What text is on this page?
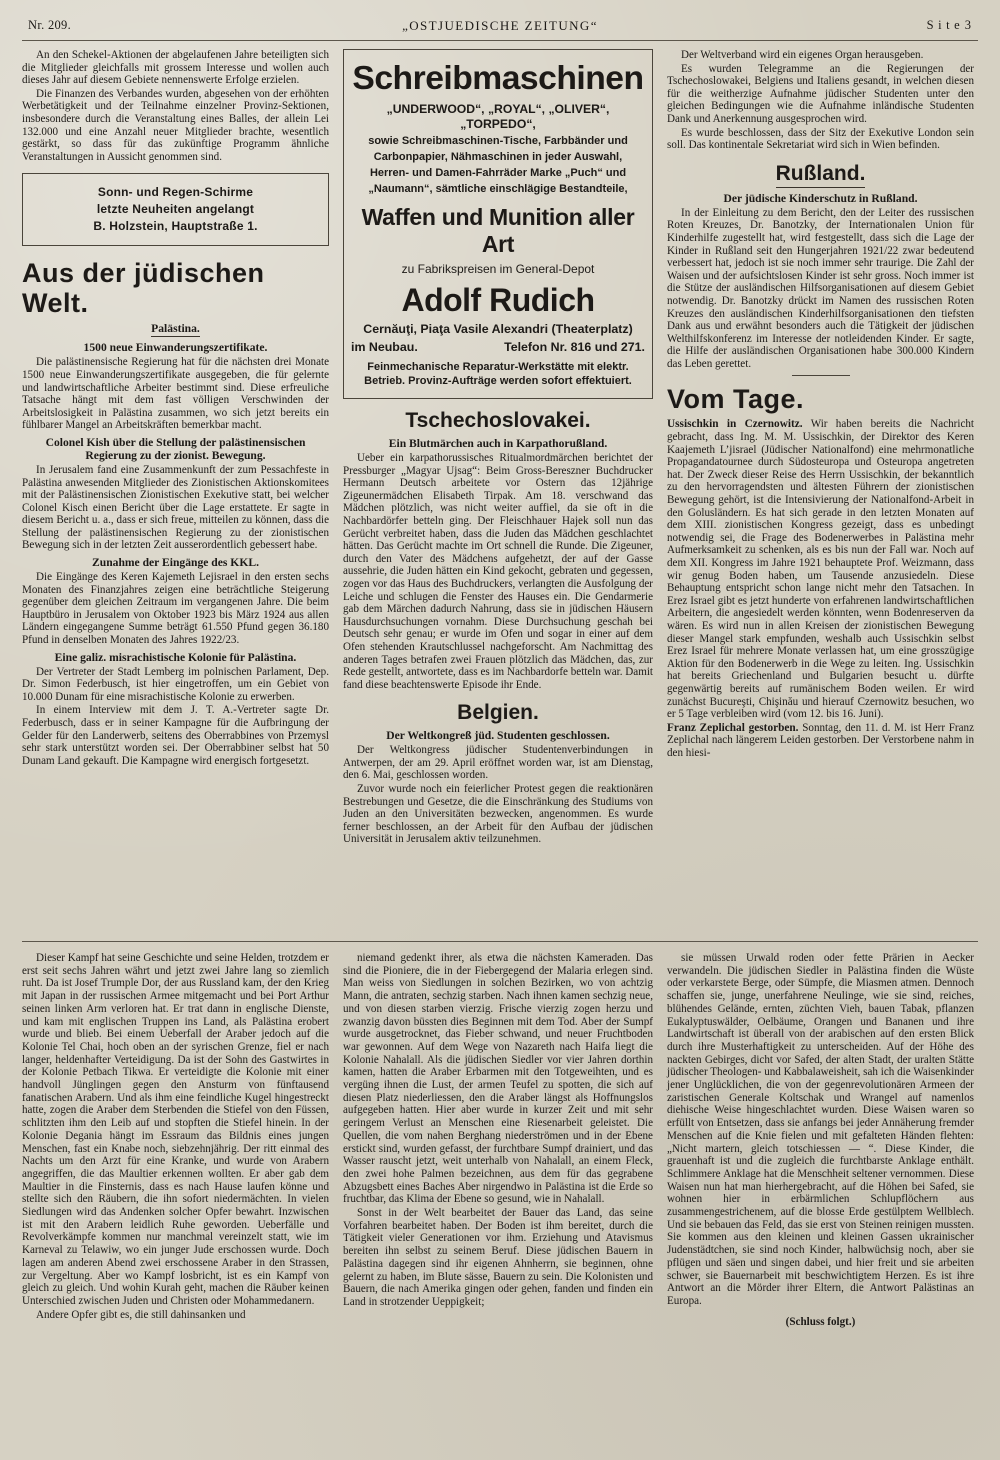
Nr. 209.	„OSTJUEDISCHE ZEITUNG“	S i t e 3

An den Schekel-Aktionen der abgelaufenen Jahre beteiligten sich die Mitglieder gleichfalls mit grossem Interesse und wollen auch dieses Jahr auf diesem Gebiete nennenswerte Erfolge erzielen.

Die Finanzen des Verbandes wurden, abgesehen von der erhöhten Werbetätigkeit und der Teilnahme einzelner Provinz-Sektionen, insbesondere durch die Veranstaltung eines Balles, der allein Lei 132.000 und eine Anzahl neuer Mitglieder brachte, wesentlich gestärkt, so dass für das zukünftige Programm ähnliche Veranstaltungen in Aussicht genommen sind.

Sonn- und Regen-Schirme
letzte Neuheiten angelangt
B. Holzstein, Hauptstraße 1.
Aus der jüdischen Welt.
Palästina.
1500 neue Einwanderungszertifikate.

Die palästinensische Regierung hat für die nächsten drei Monate 1500 neue Einwanderungszertifikate ausgegeben, die für gelernte und landwirtschaftliche Arbeiter bestimmt sind. Diese erfreuliche Tatsache hängt mit dem fast völligen Verschwinden der Arbeitslosigkeit in Palästina zusammen, wo sich jetzt bereits ein fühlbarer Mangel an Arbeitskräften bemerkbar macht.

Colonel Kish über die Stellung der palästinensischen Regierung zu der zionist. Bewegung.

In Jerusalem fand eine Zusammenkunft der zum Pessachfeste in Palästina anwesenden Mitglieder des Zionistischen Aktionskomitees mit der Palästinensischen Zionistischen Exekutive statt, bei welcher Colonel Kisch einen Bericht über die Lage erstattete. Er sagte in diesem Bericht u. a., dass er sich freue, mitteilen zu können, dass die Stellung der palästinensischen Regierung zu der zionistischen Bewegung sich in der letzten Zeit ausserordentlich gebessert habe.

Zunahme der Eingänge des KKL.

Die Eingänge des Keren Kajemeth Lejisrael in den ersten sechs Monaten des Finanzjahres zeigen eine beträchtliche Steigerung gegenüber dem gleichen Zeitraum im vergangenen Jahre. Die beim Hauptbüro in Jerusalem von Oktober 1923 bis März 1924 aus allen Ländern eingegangene Summe beträgt 61.550 Pfund gegen 36.180 Pfund in denselben Monaten des Jahres 1922/23.

Eine galiz. misrachistische Kolonie für Palästina.

Der Vertreter der Stadt Lemberg im polnischen Parlament, Dep. Dr. Simon Federbusch, ist hier eingetroffen, um ein Gebiet von 10.000 Dunam für eine misrachistische Kolonie zu erwerben.

In einem Interview mit dem J. T. A.-Vertreter sagte Dr. Federbusch, dass er in seiner Kampagne für die Aufbringung der Gelder für den Landerwerb, seitens des Oberrabbines von Przemysl sehr stark unterstützt worden sei. Der Oberrabbiner selbst hat 50 Dunam Land gekauft. Die Kampagne wird energisch fortgesetzt.

Schreibmaschinen
„UNDERWOOD“, „ROYAL“, „OLIVER“, „TORPEDO“,
sowie Schreibmaschinen-Tische, Farbbänder und
Carbonpapier, Nähmaschinen in jeder Auswahl,
Herren- und Damen-Fahrräder Marke „Puch“ und
„Naumann“, sämtliche einschlägige Bestandteile,
Waffen und Munition aller Art
zu Fabrikspreisen im General-Depot
Adolf Rudich
Cernăuţi, Piaţa Vasile Alexandri (Theaterplatz)
im Neubau.	Telefon Nr. 816 und 271.
Feinmechanische Reparatur-Werkstätte mit elektr.
Betrieb. Provinz-Aufträge werden sofort effektuiert.
Tschechoslovakei.
Ein Blutmärchen auch in Karpathorußland.

Ueber ein karpathorussisches Ritualmordmärchen berichtet der Pressburger „Magyar Ujsag“: Beim Gross-Bereszner Buchdrucker Hermann Deutsch arbeitete vor Ostern das 12jährige Zigeunermädchen Elisabeth Tirpak. Am 18. verschwand das Mädchen plötzlich, was nicht weiter auffiel, da sie oft in die Nachbardörfer betteln ging. Der Fleischhauer Hajek soll nun das Gerücht verbreitet haben, dass die Juden das Mädchen geschlachtet hätten. Das Gerücht machte im Ort schnell die Runde. Die Zigeuner, durch den Vater des Mädchens aufgehetzt, der auf der Gasse aussehrie, die Juden hätten ein Kind gekocht, gebraten und gegessen, zogen vor das Haus des Buchdruckers, verlangten die Ausfolgung der Leiche und schlugen die Fenster des Hauses ein. Die Gendarmerie gab dem Märchen dadurch Nahrung, dass sie in jüdischen Häusern Hausdurchsuchungen vornahm. Diese Durchsuchung geschah bei Deutsch sehr genau; er wurde im Ofen und sogar in einer auf dem Ofen stehenden Krautschlussel nachgeforscht. Am Nachmittag des anderen Tages betrafen zwei Frauen plötzlich das Mädchen, das, zur Rede gestellt, antwortete, dass es im Nachbardorfe betteln war. Damit fand diese beachtenswerte Episode ihr Ende.

Belgien.
Der Weltkongreß jüd. Studenten geschlossen.

Der Weltkongress jüdischer Studentenverbindungen in Antwerpen, der am 29. April eröffnet worden war, ist am Dienstag, den 6. Mai, geschlossen worden.

Zuvor wurde noch ein feierlicher Protest gegen die reaktionären Bestrebungen und Gesetze, die die Einschränkung des Studiums von Juden an den Universitäten bezwecken, angenommen. Es wurde ferner beschlossen, an der Arbeit für den Aufbau der jüdischen Universität in Jerusalem aktiv teilzunehmen.

Der Weltverband wird ein eigenes Organ herausgeben.

Es wurden Telegramme an die Regierungen der Tschechoslowakei, Belgiens und Italiens gesandt, in welchen diesen für die weitherzige Aufnahme jüdischer Studenten unter den gleichen Bedingungen wie die Aufnahme inländische Studenten Dank und Anerkennung ausgesprochen wird.

Es wurde beschlossen, dass der Sitz der Exekutive London sein soll. Das kontinentale Sekretariat wird sich in Wien befinden.

Rußland.
Der jüdische Kinderschutz in Rußland.

In der Einleitung zu dem Bericht, den der Leiter des russischen Roten Kreuzes, Dr. Banotzky, der Internationalen Union für Kinderhilfe zugestellt hat, wird festgestellt, dass sich die Lage der Kinder in Rußland seit den Hungerjahren 1921/22 zwar bedeutend verbessert hat, jedoch ist sie noch immer sehr traurige. Die Zahl der Waisen und der aufsichtslosen Kinder ist sehr gross. Noch immer ist die Stütze der ausländischen Hilfsorganisationen auf diesem Gebiet notwendig. Dr. Banotzky drückt im Namen des russischen Roten Kreuzes den ausländischen Kinderhilfsorganisationen den tiefsten Dank aus und erwähnt besonders auch die Tätigkeit der jüdischen Welthilfskonferenz im Interesse der notleidenden Kinder. Er sagte, die Hilfe der ausländischen Organisationen habe 300.000 Kindern das Leben gerettet.

Vom Tage.

Ussischkin in Czernowitz. Wir haben bereits die Nachricht gebracht, dass Ing. M. M. Ussischkin, der Direktor des Keren Kaajemeth L’jisrael (Jüdischer Nationalfond) eine mehrmonatliche Propagandatournee durch Südosteuropa und Osteuropa angetreten hat. Der Zweck dieser Reise des Herrn Ussischkin, der bekanntlich zu den hervorragendsten und ältesten Führern der zionistischen Bewegung gehört, ist die Intensivierung der Nationalfond-Arbeit in den Golusländern. Es hat sich gerade in den letzten Monaten auf dem XIII. zionistischen Kongress gezeigt, dass es unbedingt notwendig sei, die Frage des Bodenerwerbes in Palästina mehr Aufmerksamkeit zu schenken, als es bis nun der Fall war. Noch auf dem XII. Kongress im Jahre 1921 behauptete Prof. Weizmann, dass wir genug Boden haben, um Tausende anzusiedeln. Diese Behauptung entspricht schon lange nicht mehr den Tatsachen. In Erez Israel gibt es jetzt hunderte von erfahrenen landwirtschaftlichen Arbeitern, die angesiedelt werden könnten, wenn Bodenreserven da wären. Es wird nun in allen Kreisen der zionistischen Bewegung dieser Mangel stark empfunden, weshalb auch Ussischkin selbst Erez Israel für mehrere Monate verlassen hat, um eine grosszügige Aktion für den Bodenerwerb in die Wege zu leiten. Ing. Ussischkin hat bereits Griechenland und Bulgarien besucht u. dürfte gegenwärtig bereits auf rumänischem Boden weilen. Er wird zunächst Bucureşti, Chişinău und hierauf Czernowitz besuchen, wo er 5 Tage verbleiben wird (vom 12. bis 16. Juni).

Franz Zeplichal gestorben. Sonntag, den 11. d. M. ist Herr Franz Zeplichal nach längerem Leiden gestorben. Der Verstorbene nahm in den hiesi-

Dieser Kampf hat seine Geschichte und seine Helden, trotzdem er erst seit sechs Jahren währt und jetzt zwei Jahre lang so ziemlich ruht. Da ist Josef Trumple Dor, der aus Russland kam, der den Krieg mit Japan in der russischen Armee mitgemacht und bei Port Arthur seinen linken Arm verloren hat. Er trat dann in englische Dienste, und kam mit englischen Truppen ins Land, als Palästina erobert wurde und blieb. Bei einem Ueberfall der Araber jedoch auf die Kolonie Tel Chai, hoch oben an der syrischen Grenze, fiel er nach langer, heldenhafter Verteidigung. Da ist der Sohn des Gastwirtes in der Kolonie Petbach Tikwa. Er verteidigte die Kolonie mit einer handvoll Jünglingen gegen den Ansturm von fünftausend fanatischen Arabern. Und als ihm eine feindliche Kugel hingestreckt hatte, zogen die Araber dem Sterbenden die Stiefel von den Füssen, schlitzten ihm den Leib auf und stopften die Stiefel hinein. In der Kolonie Degania hängt im Essraum das Bildnis eines jungen Menschen, fast ein Knabe noch, siebzehnjährig. Der ritt einmal des Nachts um den Arzt für eine Kranke, und wurde von Arabern angegriffen, die das Maultier erkennen wollten. Er aber gab dem Maultier in die Finsternis, dass es nach Hause laufen könne und stellte sich den Räubern, die ihn sofort niedermächten. In vielen Siedlungen wird das Andenken solcher Opfer bewahrt. Inzwischen ist mit den Arabern leidlich Ruhe geworden. Ueberfälle und Revolverkämpfe kommen nur manchmal vereinzelt statt, wie im Karneval zu Telawiw, wo ein junger Jude erschossen wurde. Doch lagen am anderen Abend zwei erschossene Araber in den Strassen, zur Vergeltung. Aber wo Kampf losbricht, ist es ein Kampf von gleich zu gleich. Und wohin Kurah geht, machen die Räuber keinen Unterschied zwischen Juden und Christen oder Mohammedanern.

Andere Opfer gibt es, die still dahinsanken und

niemand gedenkt ihrer, als etwa die nächsten Kameraden. Das sind die Pioniere, die in der Fiebergegend der Malaria erlegen sind. Man weiss von Siedlungen in solchen Bezirken, wo von achtzig Mann, die antraten, sechzig starben. Nach ihnen kamen sechzig neue, und von diesen starben vierzig. Frische vierzig zogen herzu und zwanzig davon büssten dies Beginnen mit dem Tod. Aber der Sumpf wurde ausgetrocknet, das Fieber schwand, und neuer Fruchtboden war gewonnen. Auf dem Wege von Nazareth nach Haifa liegt die Kolonie Nahalall. Als die jüdischen Siedler vor vier Jahren dorthin kamen, hatten die Araber Erbarmen mit den Totgeweihten, und es vergüng ihnen die Lust, der armen Teufel zu spotten, die sich auf diesen Platz niederliessen, den die Araber längst als Hoffnungslos aufgegeben hatten. Hier aber wurde in kurzer Zeit und mit sehr geringem Verlust an Menschen eine Riesenarbeit geleistet. Die Quellen, die vom nahen Berghang niederströmen und in der Ebene erstickt sind, wurden gefasst, der furchtbare Sumpf drainiert, und das Wasser rauscht jetzt, weit unterhalb von Nahalall, an einem Fleck, den zwei hohe Palmen bezeichnen, aus dem für das gegrabene Abzugsbett eines Baches Aber nirgendwo in Palästina ist die Erde so fruchtbar, das Klima der Ebene so gesund, wie in Nahalall.

Sonst in der Welt bearbeitet der Bauer das Land, das seine Vorfahren bearbeitet haben. Der Boden ist ihm bereitet, durch die Tätigkeit vieler Generationen vor ihm. Erziehung und Atavismus bereiten ihn selbst zu seinem Beruf. Diese jüdischen Bauern in Palästina dagegen sind ihr eigenen Ahnherrn, sie beginnen, ohne gelernt zu haben, im Blute sässe, Bauern zu sein. Die Kolonisten und Bauern, die nach Amerika gingen oder gehen, fanden und finden ein Land in strotzender Ueppigkeit;

sie müssen Urwald roden oder fette Prärien in Aecker verwandeln. Die jüdischen Siedler in Palästina finden die Wüste oder verkarstete Berge, oder Sümpfe, die Miasmen atmen. Dennoch schaffen sie, junge, unerfahrene Neulinge, wie sie sind, reiches, blühendes Gelände, ernten, züchten Vieh, bauen Tabak, pflanzen Eukalyptuswälder, Oelbäume, Orangen und Bananen und ihre Landwirtschaft ist überall von der arabischen auf den ersten Blick durch ihre Musterhaftigkeit zu unterscheiden. Auf der Höhe des nackten Gebirges, dicht vor Safed, der alten Stadt, der uralten Stätte jüdischer Theologen- und Kabbalaweisheit, sah ich die Waisenkinder jener Unglücklichen, die von der gegenrevolutionären Armeen der zaristischen Generale Koltschak und Wrangel auf namenlos diehische Weise hingeschlachtet wurden. Diese Waisen waren so erfüllt von Entsetzen, dass sie anfangs bei jeder Annäherung fremder Menschen auf die Knie fielen und mit gefalteten Händen flehten: „Nicht martern, gleich totschiessen — “. Diese Kinder, die grauenhaft ist und die zugleich die furchtbarste Anklage enthält. Schlimmere Anklage hat die Menschheit seltener vernommen. Diese Waisen nun hat man hierhergebracht, auf die Höhen bei Safed, sie wohnen hier in erbärmlichen Schlupflöchern aus zusammengestrichenem, auf die blosse Erde gestülptem Wellblech. Und sie bebauen das Feld, das sie erst von Steinen reinigen mussten. Sie kommen aus den kleinen und kleinen Gassen ukrainischer Judenstädtchen, sie sind noch Kinder, halbwüchsig noch, aber sie pflügen und säen und singen dabei, und hier freit und sie arbeiten schwer, sie Bauernarbeit mit beschwichtigtem Herzen. Es ist ihre Antwort an die Mörder ihrer Eltern, die Antwort Palästinas an Europa.

(Schluss folgt.)
